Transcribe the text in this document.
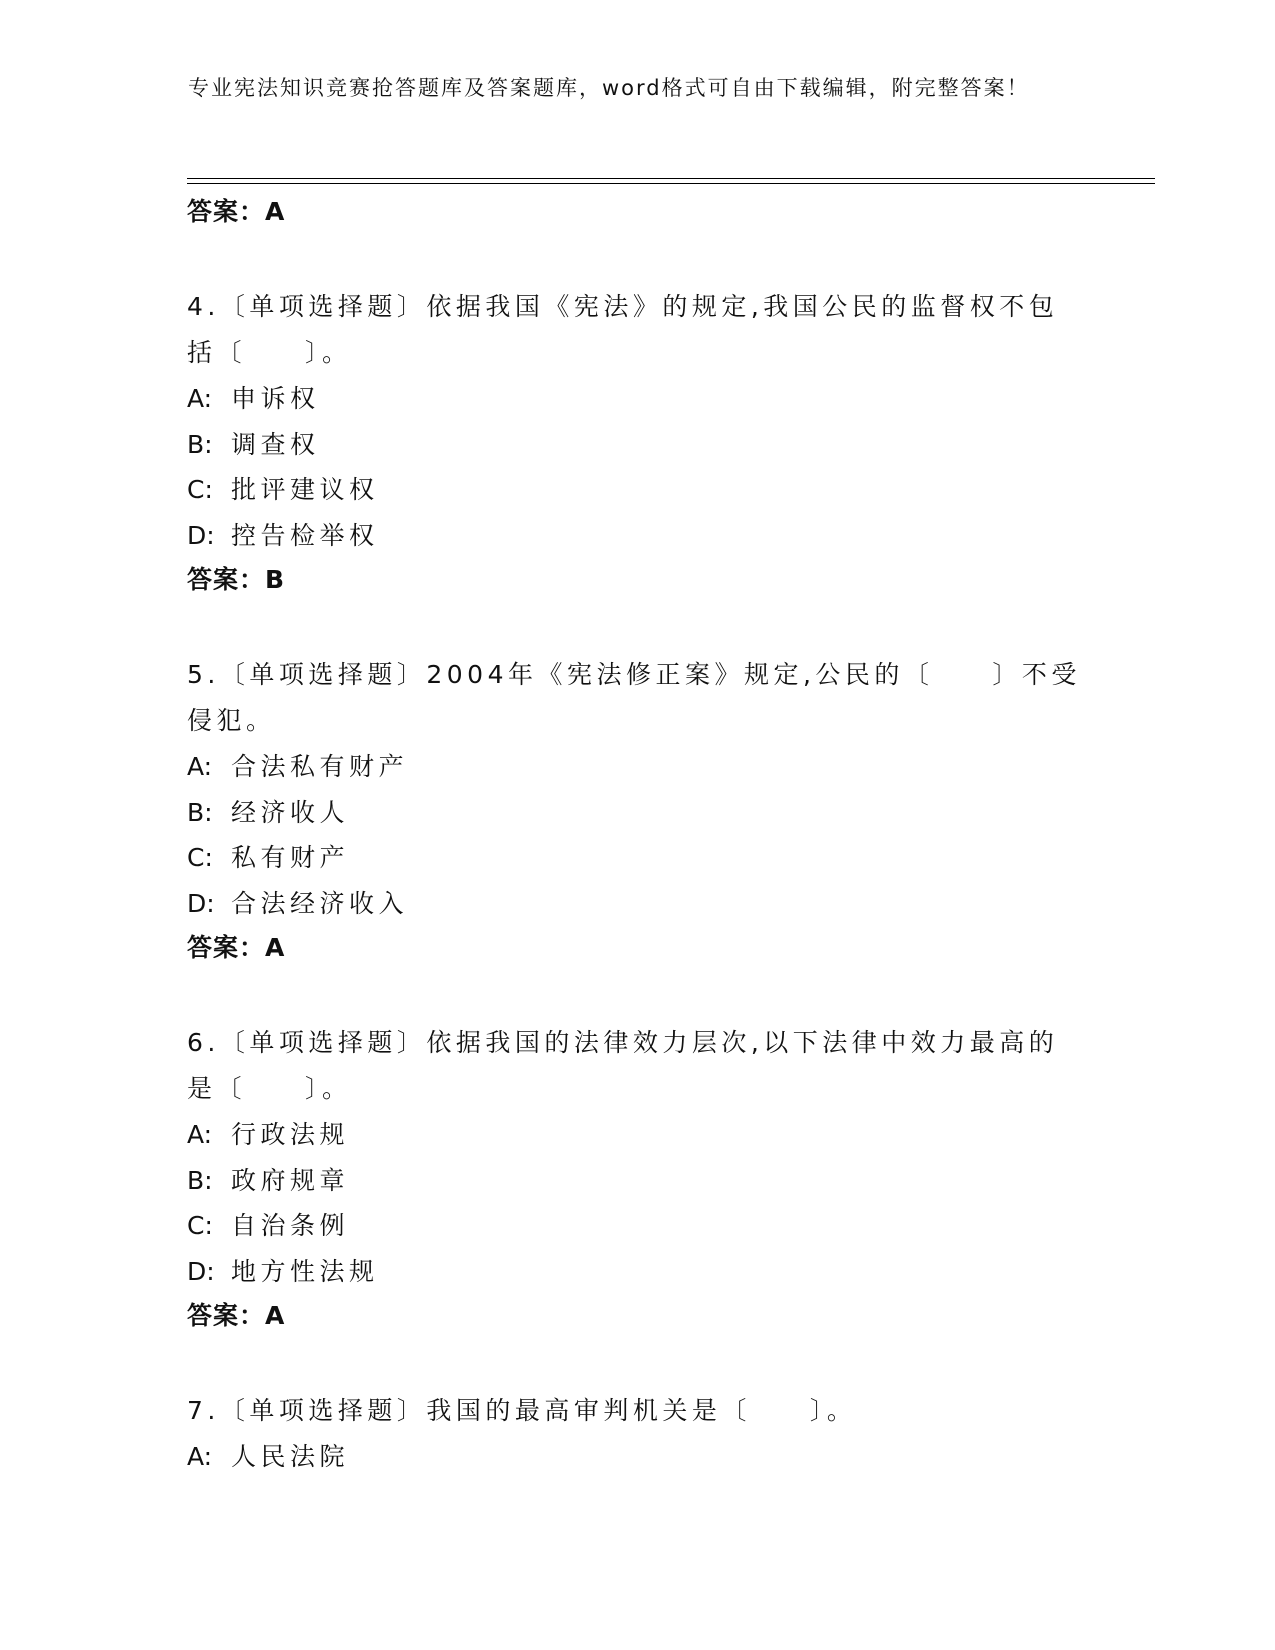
专业宪法知识竞赛抢答题库及答案题库，word格式可自由下载编辑，附完整答案！
答案：A
4.〔单项选择题〕依据我国《宪法》的规定,我国公民的监督权不包括〔　　〕。
A: 申诉权
B: 调查权
C: 批评建议权
D: 控告检举权
答案：B
5.〔单项选择题〕2004年《宪法修正案》规定,公民的〔　　〕不受侵犯。
A: 合法私有财产
B: 经济收人
C: 私有财产
D: 合法经济收入
答案：A
6.〔单项选择题〕依据我国的法律效力层次,以下法律中效力最高的是〔　　〕。
A: 行政法规
B: 政府规章
C: 自治条例
D: 地方性法规
答案：A
7.〔单项选择题〕我国的最高审判机关是〔　　〕。
A: 人民法院
